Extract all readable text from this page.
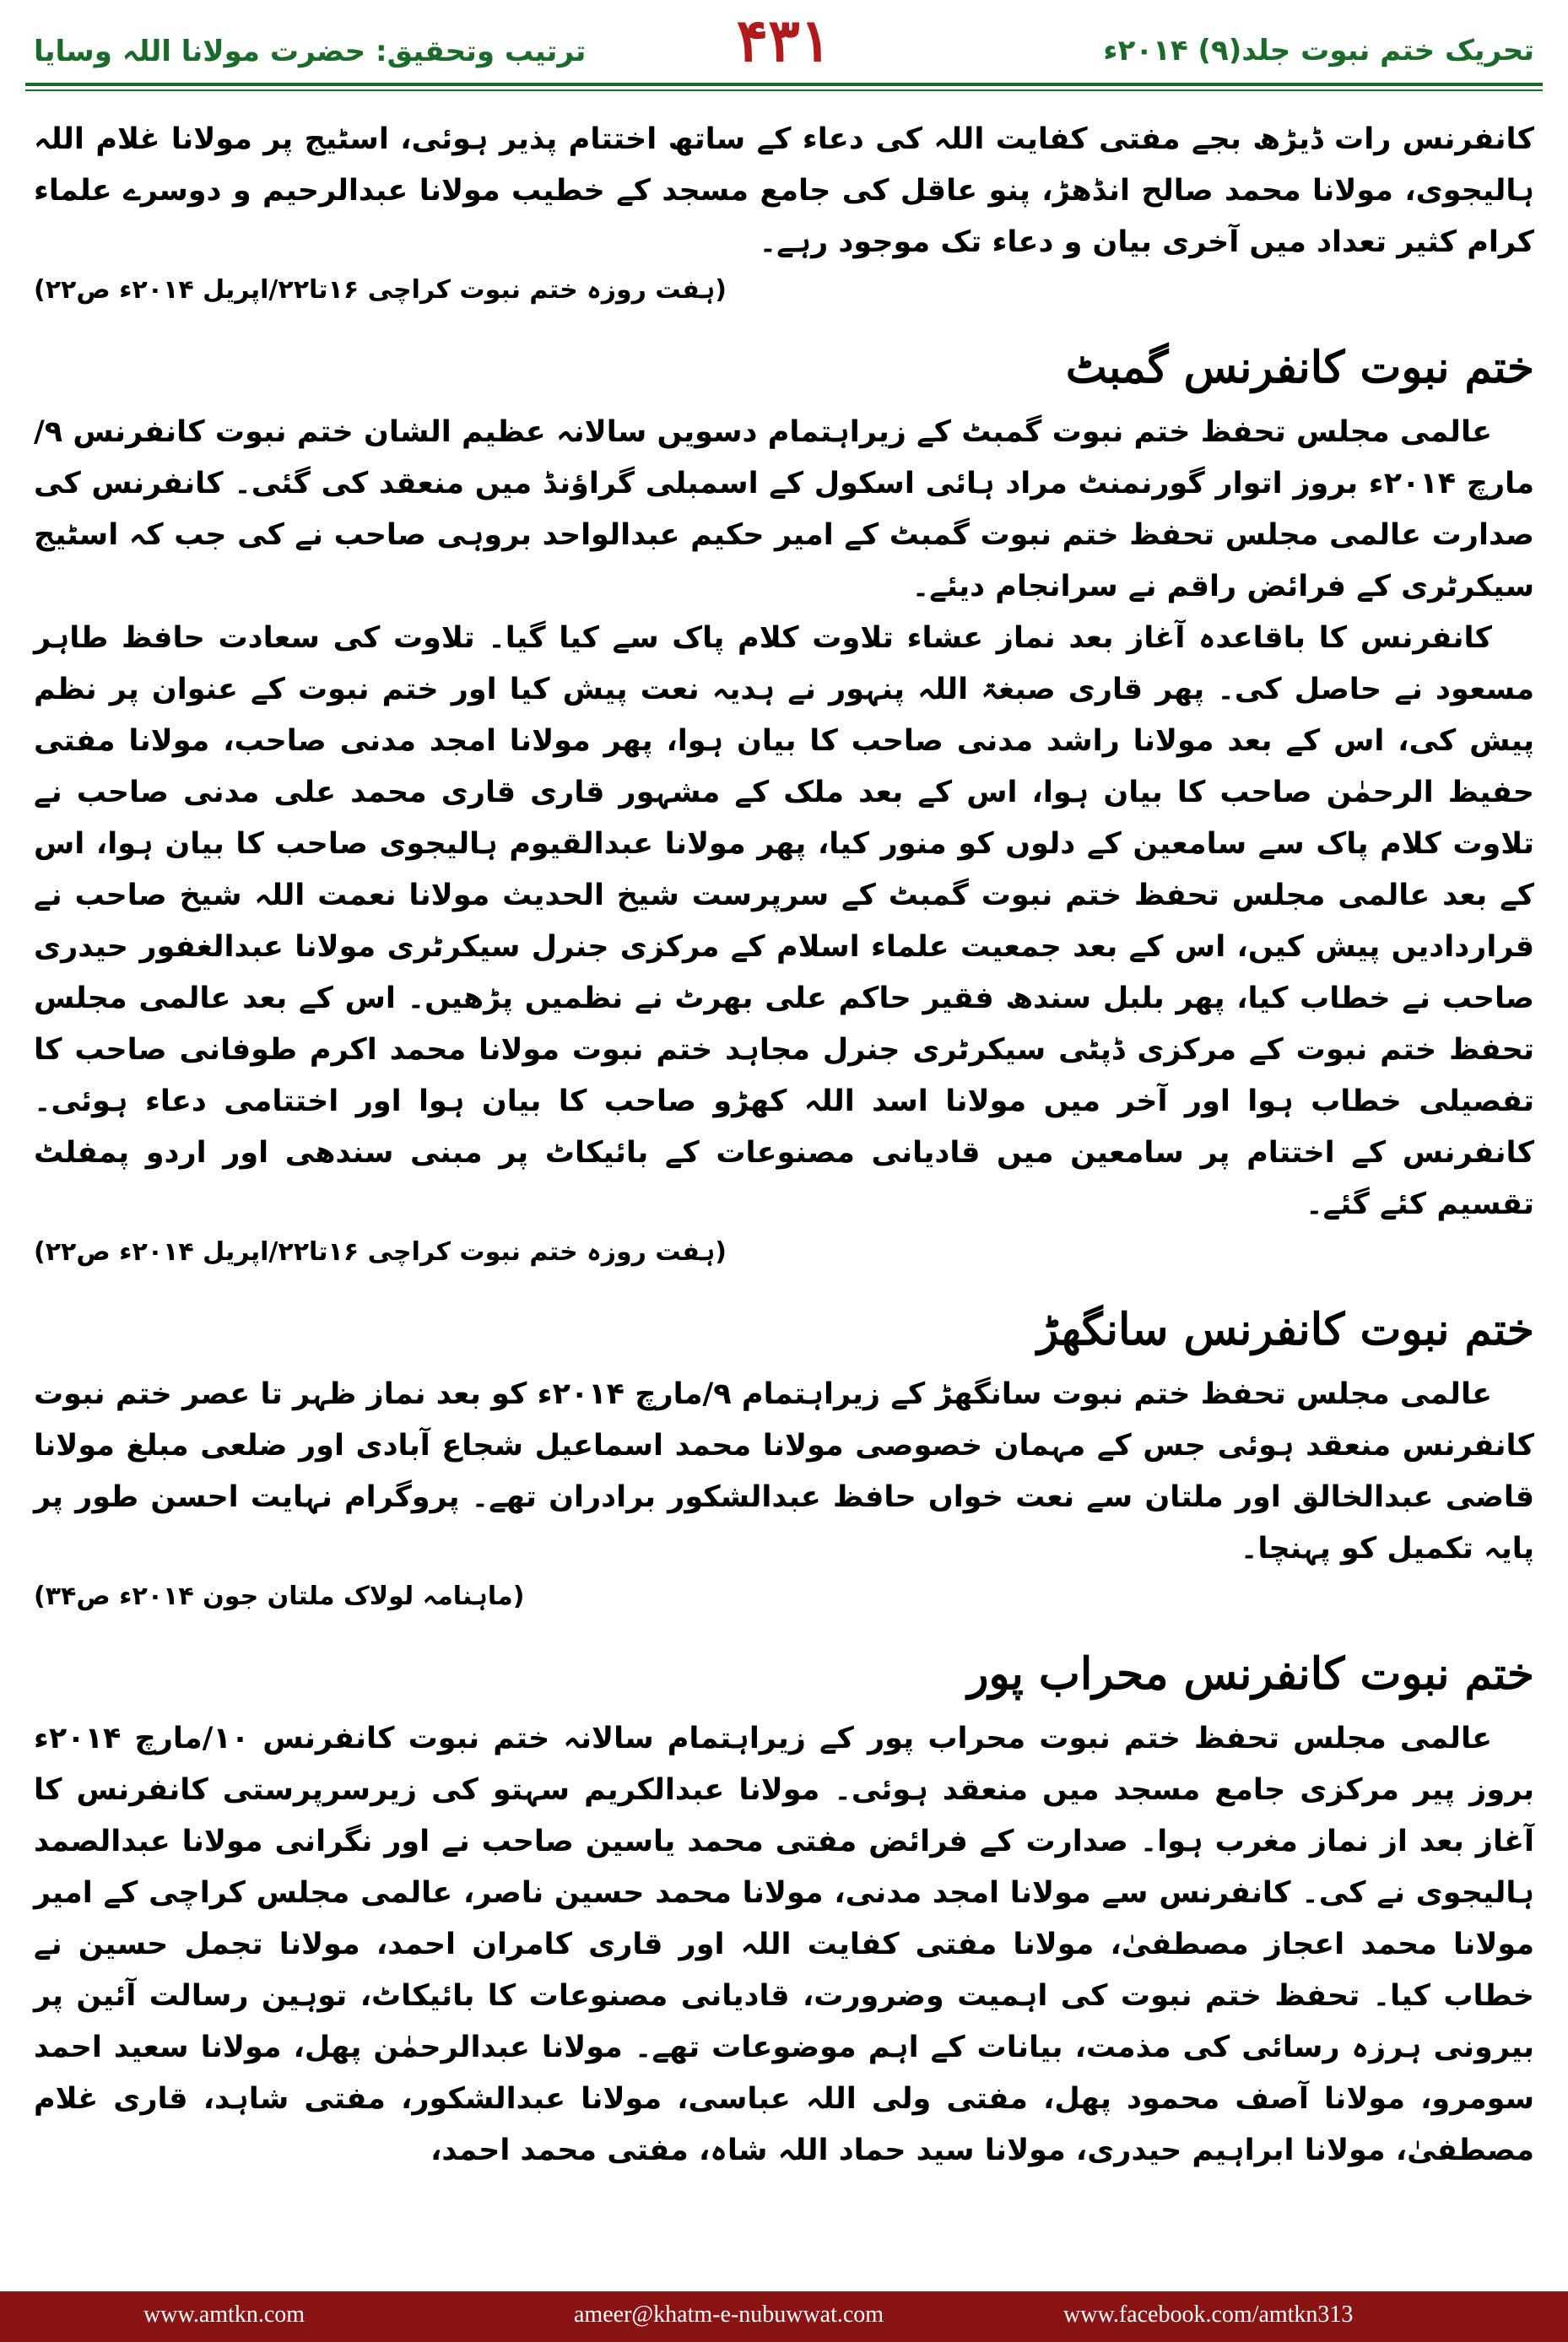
ترتیب وتحقیق: حضرت مولانا اللہ وسایا	۴۳۱	تحریک ختم نبوت جلد(۹) ۲۰۱۴ء

کانفرنس رات ڈیڑھ بجے مفتی کفایت اللہ کی دعاء کے ساتھ اختتام پذیر ہوئی، اسٹیج پر مولانا غلام اللہ ہالیجوی، مولانا محمد صالح انڈھڑ، پنو عاقل کی جامع مسجد کے خطیب مولانا عبدالرحیم و دوسرے علماء کرام کثیر تعداد میں آخری بیان و دعاء تک موجود رہے۔

(ہفت روزہ ختم نبوت کراچی ۱۶تا۲۲/اپریل ۲۰۱۴ء ص۲۲)

ختم نبوت کانفرنس گمبٹ

عالمی مجلس تحفظ ختم نبوت گمبٹ کے زیراہتمام دسویں سالانہ عظیم الشان ختم نبوت کانفرنس ۹/مارچ ۲۰۱۴ء بروز اتوار گورنمنٹ مراد ہائی اسکول کے اسمبلی گراؤنڈ میں منعقد کی گئی۔ کانفرنس کی صدارت عالمی مجلس تحفظ ختم نبوت گمبٹ کے امیر حکیم عبدالواحد بروہی صاحب نے کی جب کہ اسٹیج سیکرٹری کے فرائض راقم نے سرانجام دیئے۔

کانفرنس کا باقاعدہ آغاز بعد نماز عشاء تلاوت کلام پاک سے کیا گیا۔ تلاوت کی سعادت حافظ طاہر مسعود نے حاصل کی۔ پھر قاری صبغۃ اللہ پنہور نے ہدیہ نعت پیش کیا اور ختم نبوت کے عنوان پر نظم پیش کی، اس کے بعد مولانا راشد مدنی صاحب کا بیان ہوا، پھر مولانا امجد مدنی صاحب، مولانا مفتی حفیظ الرحمٰن صاحب کا بیان ہوا، اس کے بعد ملک کے مشہور قاری قاری محمد علی مدنی صاحب نے تلاوت کلام پاک سے سامعین کے دلوں کو منور کیا، پھر مولانا عبدالقیوم ہالیجوی صاحب کا بیان ہوا، اس کے بعد عالمی مجلس تحفظ ختم نبوت گمبٹ کے سرپرست شیخ الحدیث مولانا نعمت اللہ شیخ صاحب نے قراردادیں پیش کیں، اس کے بعد جمعیت علماء اسلام کے مرکزی جنرل سیکرٹری مولانا عبدالغفور حیدری صاحب نے خطاب کیا، پھر بلبل سندھ فقیر حاکم علی بھرٹ نے نظمیں پڑھیں۔ اس کے بعد عالمی مجلس تحفظ ختم نبوت کے مرکزی ڈپٹی سیکرٹری جنرل مجاہد ختم نبوت مولانا محمد اکرم طوفانی صاحب کا تفصیلی خطاب ہوا اور آخر میں مولانا اسد اللہ کھڑو صاحب کا بیان ہوا اور اختتامی دعاء ہوئی۔ کانفرنس کے اختتام پر سامعین میں قادیانی مصنوعات کے بائیکاٹ پر مبنی سندھی اور اردو پمفلٹ تقسیم کئے گئے۔

(ہفت روزہ ختم نبوت کراچی ۱۶تا۲۲/اپریل ۲۰۱۴ء ص۲۲)

ختم نبوت کانفرنس سانگھڑ

عالمی مجلس تحفظ ختم نبوت سانگھڑ کے زیراہتمام ۹/مارچ ۲۰۱۴ء کو بعد نماز ظہر تا عصر ختم نبوت کانفرنس منعقد ہوئی جس کے مہمان خصوصی مولانا محمد اسماعیل شجاع آبادی اور ضلعی مبلغ مولانا قاضی عبدالخالق اور ملتان سے نعت خواں حافظ عبدالشکور برادران تھے۔ پروگرام نہایت احسن طور پر پایہ تکمیل کو پہنچا۔

(ماہنامہ لولاک ملتان جون ۲۰۱۴ء ص۳۴)

ختم نبوت کانفرنس محراب پور

عالمی مجلس تحفظ ختم نبوت محراب پور کے زیراہتمام سالانہ ختم نبوت کانفرنس ۱۰/مارچ ۲۰۱۴ء بروز پیر مرکزی جامع مسجد میں منعقد ہوئی۔ مولانا عبدالکریم سہتو کی زیرسرپرستی کانفرنس کا آغاز بعد از نماز مغرب ہوا۔ صدارت کے فرائض مفتی محمد یاسین صاحب نے اور نگرانی مولانا عبدالصمد ہالیجوی نے کی۔ کانفرنس سے مولانا امجد مدنی، مولانا محمد حسین ناصر، عالمی مجلس کراچی کے امیر مولانا محمد اعجاز مصطفیٰ، مولانا مفتی کفایت اللہ اور قاری کامران احمد، مولانا تجمل حسین نے خطاب کیا۔ تحفظ ختم نبوت کی اہمیت وضرورت، قادیانی مصنوعات کا بائیکاٹ، توہین رسالت آئین پر بیرونی ہرزہ رسائی کی مذمت، بیانات کے اہم موضوعات تھے۔ مولانا عبدالرحمٰن پھل، مولانا سعید احمد سومرو، مولانا آصف محمود پھل، مفتی ولی اللہ عباسی، مولانا عبدالشکور، مفتی شاہد، قاری غلام مصطفیٰ، مولانا ابراہیم حیدری، مولانا سید حماد اللہ شاہ، مفتی محمد احمد،

www.amtkn.com	ameer@khatm-e-nubuwwat.com	www.facebook.com/amtkn313
